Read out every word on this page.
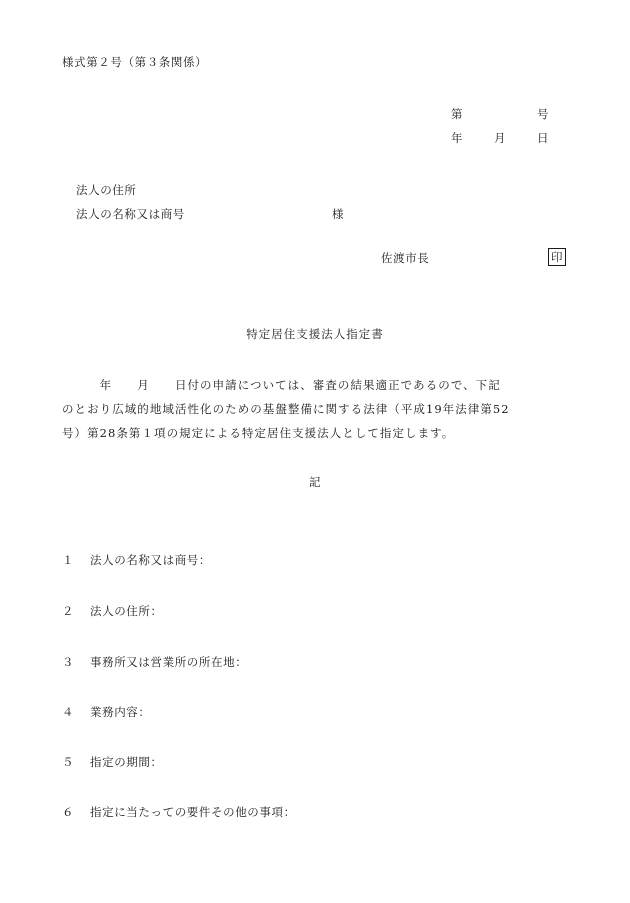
様式第２号（第３条関係）
第	号
年	月	日
法人の住所
法人の名称又は商号	様
佐渡市長	印
特定居住支援法人指定書
　　　年　　月　　日付の申請については、審査の結果適正であるので、下記
のとおり広域的地域活性化のための基盤整備に関する法律（平成19年法律第52
号）第28条第１項の規定による特定居住支援法人として指定します。
記
１ 法人の名称又は商号：
２ 法人の住所：
３ 事務所又は営業所の所在地：
４ 業務内容：
５ 指定の期間：
６ 指定に当たっての要件その他の事項：
